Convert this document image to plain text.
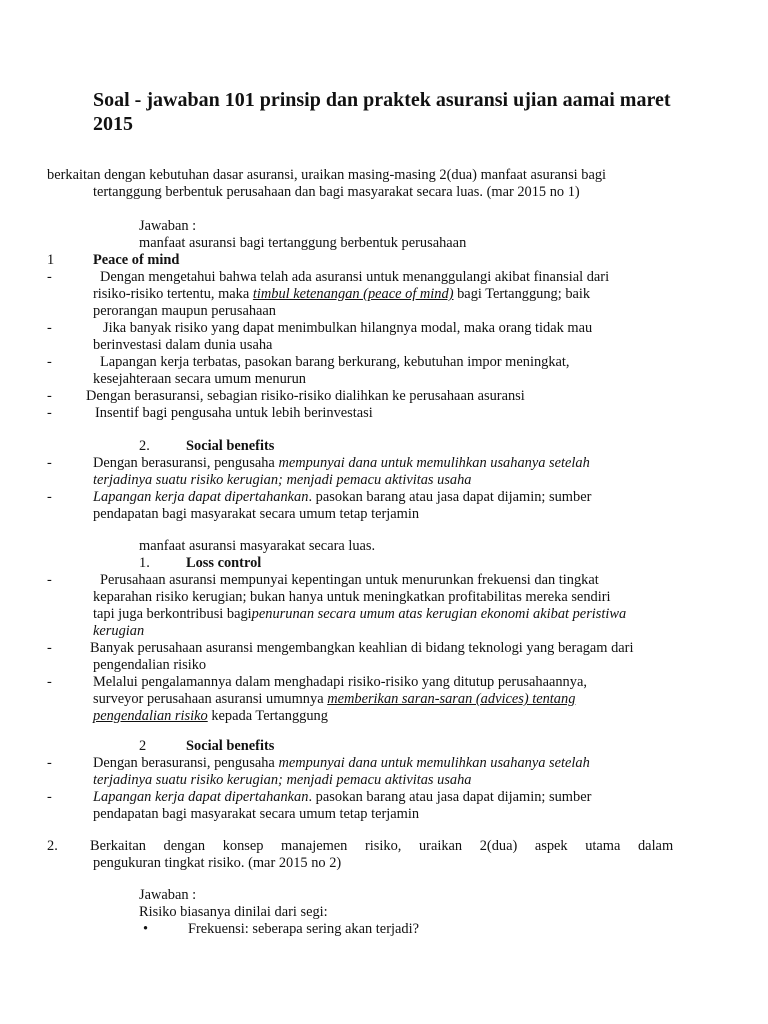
Soal - jawaban 101 prinsip dan praktek asuransi ujian aamai maret 2015

berkaitan dengan kebutuhan dasar asuransi, uraikan masing-masing 2(dua) manfaat asuransi bagi

tertanggung berbentuk perusahaan dan bagi masyarakat secara luas. (mar 2015 no 1)

Jawaban :

manfaat asuransi bagi tertanggung berbentuk perusahaan

1	Peace of mind
-	Dengan mengetahui bahwa telah ada asuransi untuk menanggulangi akibat finansial dari

risiko-risiko tertentu, maka timbul ketenangan (peace of mind) bagi Tertanggung; baik

perorangan maupun perusahaan

-	Jika banyak risiko yang dapat menimbulkan hilangnya modal, maka orang tidak mau

berinvestasi dalam dunia usaha

-	Lapangan kerja terbatas, pasokan barang berkurang, kebutuhan impor meningkat,

kesejahteraan secara umum menurun

- Dengan berasuransi, sebagian risiko-risiko dialihkan ke perusahaan asuransi

-	Insentif bagi pengusaha untuk lebih berinvestasi

2.	Social benefits
-	Dengan berasuransi, pengusaha mempunyai dana untuk memulihkan usahanya setelah

terjadinya suatu risiko kerugian; menjadi pemacu aktivitas usaha

-	Lapangan kerja dapat dipertahankan. pasokan barang atau jasa dapat dijamin; sumber

pendapatan bagi masyarakat secara umum tetap terjamin

manfaat asuransi masyarakat secara luas.

1.	Loss control
-	Perusahaan asuransi mempunyai kepentingan untuk menurunkan frekuensi dan tingkat

keparahan risiko kerugian; bukan hanya untuk meningkatkan profitabilitas mereka sendiri

tapi juga berkontribusi bagipenurunan secara umum atas kerugian ekonomi akibat peristiwa

kerugian

-	Banyak perusahaan asuransi mengembangkan keahlian di bidang teknologi yang beragam dari

pengendalian risiko

-	Melalui pengalamannya dalam menghadapi risiko-risiko yang ditutup perusahaannya,

surveyor perusahaan asuransi umumnya memberikan saran-saran (advices) tentang

pengendalian risiko kepada Tertanggung

2	Social benefits
-	Dengan berasuransi, pengusaha mempunyai dana untuk memulihkan usahanya setelah

terjadinya suatu risiko kerugian; menjadi pemacu aktivitas usaha

-	Lapangan kerja dapat dipertahankan. pasokan barang atau jasa dapat dijamin; sumber

pendapatan bagi masyarakat secara umum tetap terjamin

2. Berkaitan dengan konsep manajemen risiko, uraikan 2(dua) aspek utama dalam

pengukuran tingkat risiko. (mar 2015 no 2)

Jawaban :

Risiko biasanya dinilai dari segi:

•	Frekuensi: seberapa sering akan terjadi?
